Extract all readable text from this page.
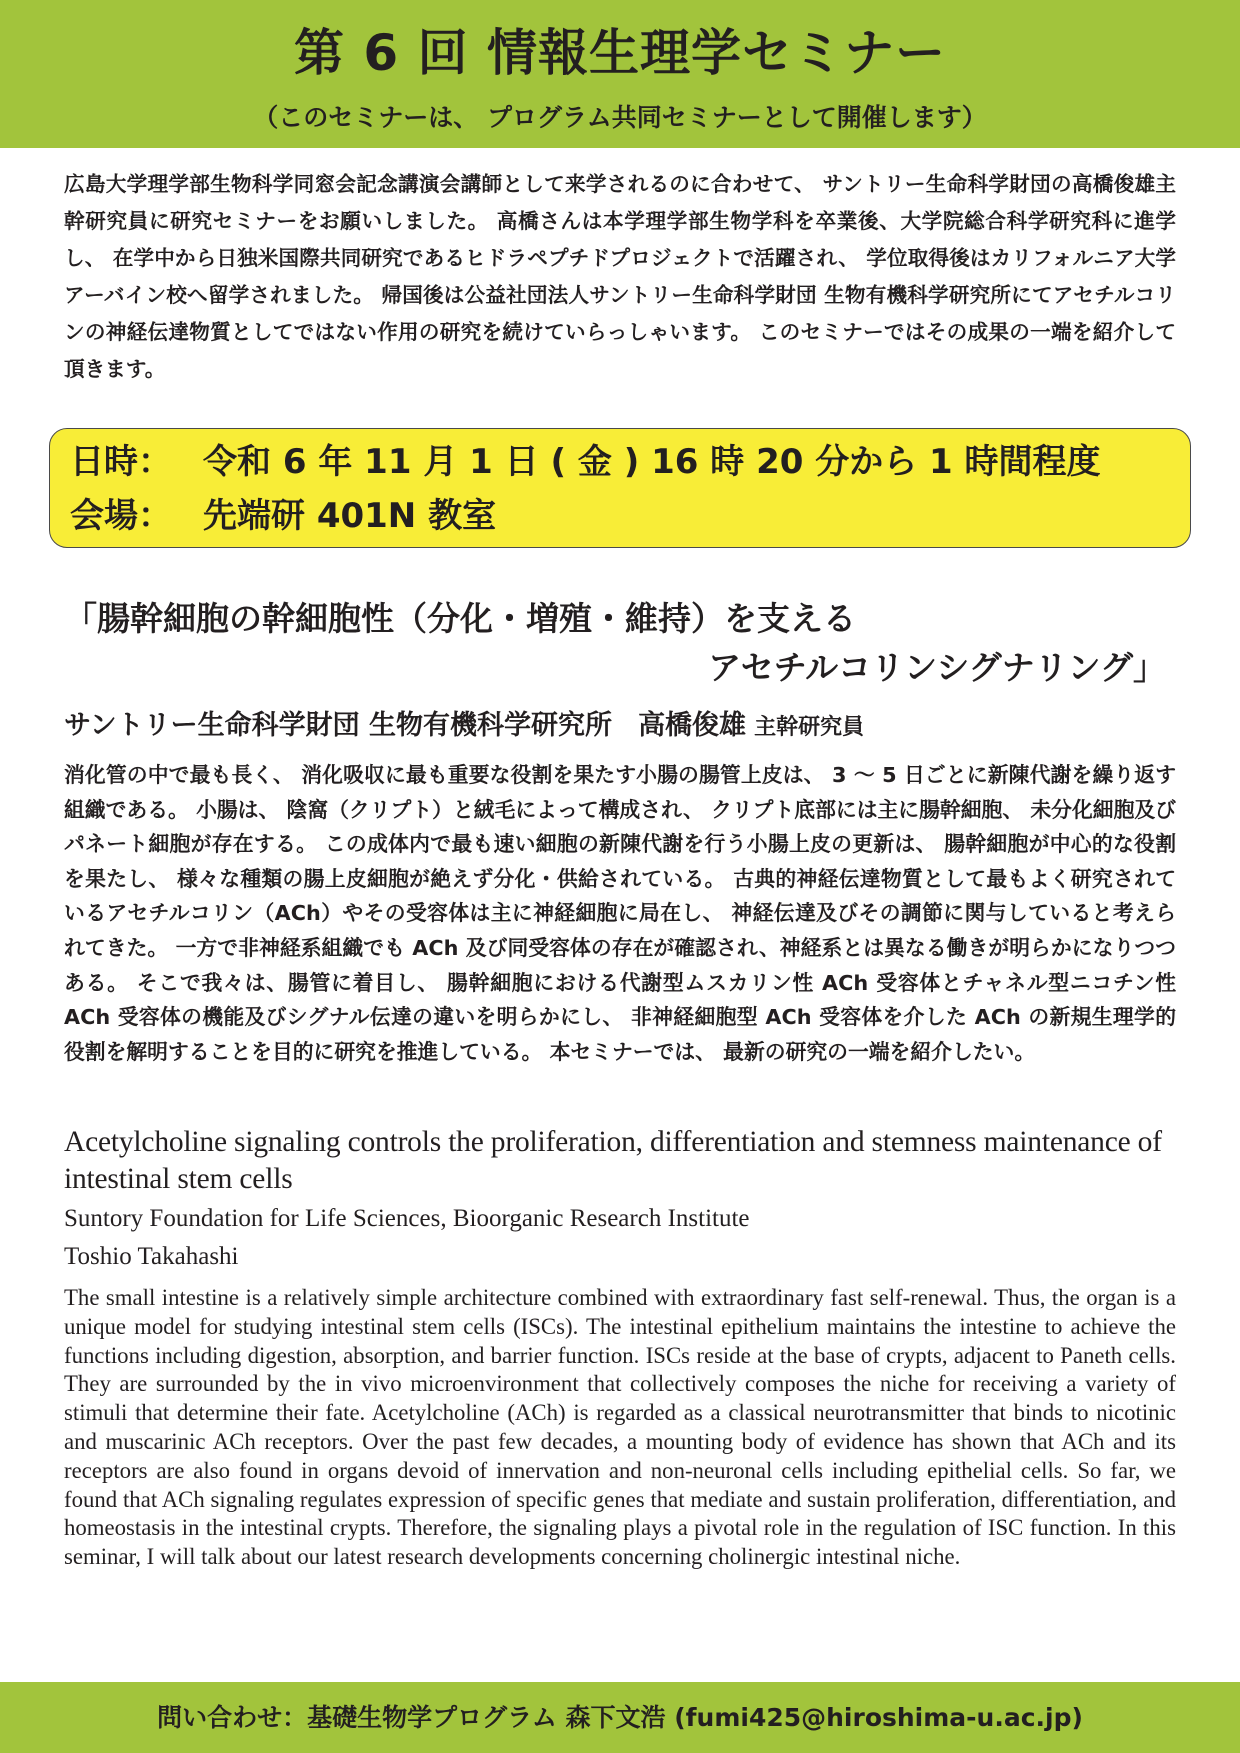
第 6 回 情報生理学セミナー
（このセミナーは、 プログラム共同セミナーとして開催します）

広島大学理学部生物科学同窓会記念講演会講師として来学されるのに合わせて、 サントリー生命科学財団の高橋俊雄主幹研究員に研究セミナーをお願いしました。 高橋さんは本学理学部生物学科を卒業後、大学院総合科学研究科に進学し、 在学中から日独米国際共同研究であるヒドラペプチドプロジェクトで活躍され、 学位取得後はカリフォルニア大学アーバイン校へ留学されました。 帰国後は公益社団法人サントリー生命科学財団 生物有機科学研究所にてアセチルコリンの神経伝達物質としてではない作用の研究を続けていらっしゃいます。 このセミナーではその成果の一端を紹介して頂きます。

日時： 令和 6 年 11 月 1 日 ( 金 ) 16 時 20 分から 1 時間程度
会場： 先端研 401N 教室
「腸幹細胞の幹細胞性（分化・増殖・維持）を支える
アセチルコリンシグナリング」
サントリー生命科学財団 生物有機科学研究所 高橋俊雄 主幹研究員

消化管の中で最も長く、 消化吸収に最も重要な役割を果たす小腸の腸管上皮は、 3 ～ 5 日ごとに新陳代謝を繰り返す組織である。 小腸は、 陰窩（クリプト）と絨毛によって構成され、 クリプト底部には主に腸幹細胞、 未分化細胞及びパネート細胞が存在する。 この成体内で最も速い細胞の新陳代謝を行う小腸上皮の更新は、 腸幹細胞が中心的な役割を果たし、 様々な種類の腸上皮細胞が絶えず分化・供給されている。 古典的神経伝達物質として最もよく研究されているアセチルコリン（ACh）やその受容体は主に神経細胞に局在し、 神経伝達及びその調節に関与していると考えられてきた。 一方で非神経系組織でも ACh 及び同受容体の存在が確認され、神経系とは異なる働きが明らかになりつつある。 そこで我々は、腸管に着目し、 腸幹細胞における代謝型ムスカリン性 ACh 受容体とチャネル型ニコチン性 ACh 受容体の機能及びシグナル伝達の違いを明らかにし、 非神経細胞型 ACh 受容体を介した ACh の新規生理学的役割を解明することを目的に研究を推進している。 本セミナーでは、 最新の研究の一端を紹介したい。

Acetylcholine signaling controls the proliferation, differentiation and stemness maintenance of intestinal stem cells
Suntory Foundation for Life Sciences, Bioorganic Research Institute
Toshio Takahashi

The small intestine is a relatively simple architecture combined with extraordinary fast self-renewal. Thus, the organ is a unique model for studying intestinal stem cells (ISCs). The intestinal epithelium maintains the intestine to achieve the functions including digestion, absorption, and barrier function. ISCs reside at the base of crypts, adjacent to Paneth cells. They are surrounded by the in vivo microenvironment that collectively composes the niche for receiving a variety of stimuli that determine their fate. Acetylcholine (ACh) is regarded as a classical neurotransmitter that binds to nicotinic and muscarinic ACh receptors. Over the past few decades, a mounting body of evidence has shown that ACh and its receptors are also found in organs devoid of innervation and non-neuronal cells including epithelial cells. So far, we found that ACh signaling regulates expression of specific genes that mediate and sustain proliferation, differentiation, and homeostasis in the intestinal crypts. Therefore, the signaling plays a pivotal role in the regulation of ISC function. In this seminar, I will talk about our latest research developments concerning cholinergic intestinal niche.

問い合わせ：基礎生物学プログラム 森下文浩 (fumi425@hiroshima-u.ac.jp)
